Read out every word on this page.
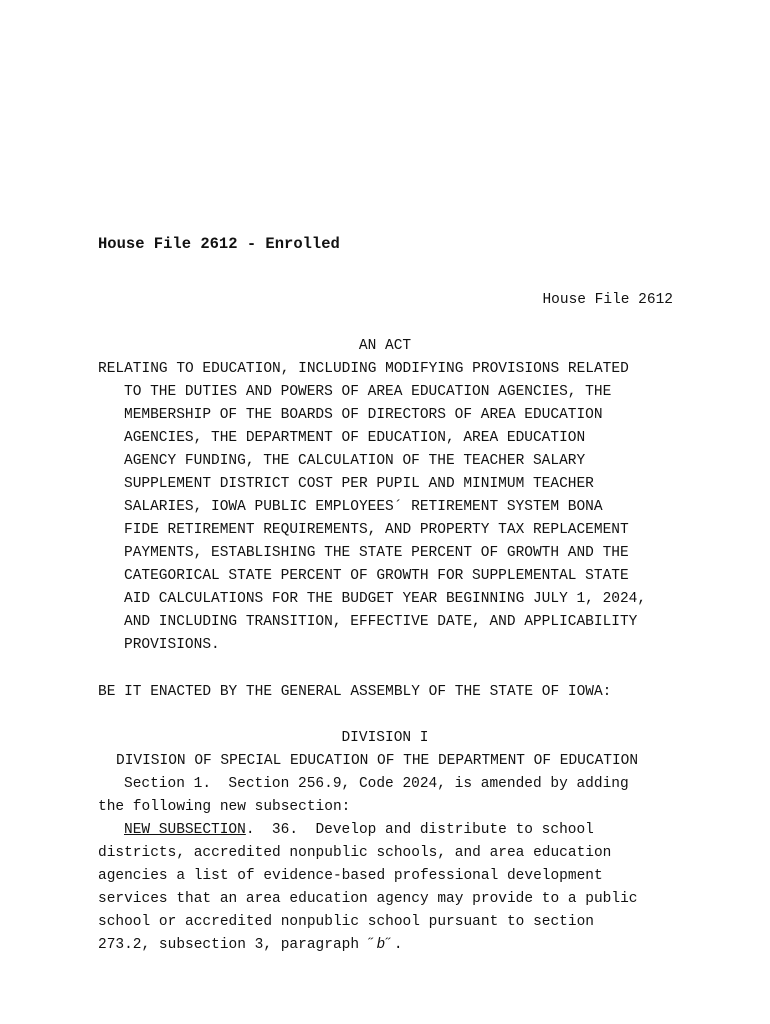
House File 2612 - Enrolled
House File 2612
AN ACT
RELATING TO EDUCATION, INCLUDING MODIFYING PROVISIONS RELATED
TO THE DUTIES AND POWERS OF AREA EDUCATION AGENCIES, THE
MEMBERSHIP OF THE BOARDS OF DIRECTORS OF AREA EDUCATION
AGENCIES, THE DEPARTMENT OF EDUCATION, AREA EDUCATION
AGENCY FUNDING, THE CALCULATION OF THE TEACHER SALARY
SUPPLEMENT DISTRICT COST PER PUPIL AND MINIMUM TEACHER
SALARIES, IOWA PUBLIC EMPLOYEES´ RETIREMENT SYSTEM BONA
FIDE RETIREMENT REQUIREMENTS, AND PROPERTY TAX REPLACEMENT
PAYMENTS, ESTABLISHING THE STATE PERCENT OF GROWTH AND THE
CATEGORICAL STATE PERCENT OF GROWTH FOR SUPPLEMENTAL STATE
AID CALCULATIONS FOR THE BUDGET YEAR BEGINNING JULY 1, 2024,
AND INCLUDING TRANSITION, EFFECTIVE DATE, AND APPLICABILITY
PROVISIONS.
BE IT ENACTED BY THE GENERAL ASSEMBLY OF THE STATE OF IOWA:
DIVISION I
DIVISION OF SPECIAL EDUCATION OF THE DEPARTMENT OF EDUCATION
Section 1.  Section 256.9, Code 2024, is amended by adding
the following new subsection:
NEW SUBSECTION.  36.  Develop and distribute to school
districts, accredited nonpublic schools, and area education
agencies a list of evidence-based professional development
services that an area education agency may provide to a public
school or accredited nonpublic school pursuant to section
273.2, subsection 3, paragraph ˝b˝.
